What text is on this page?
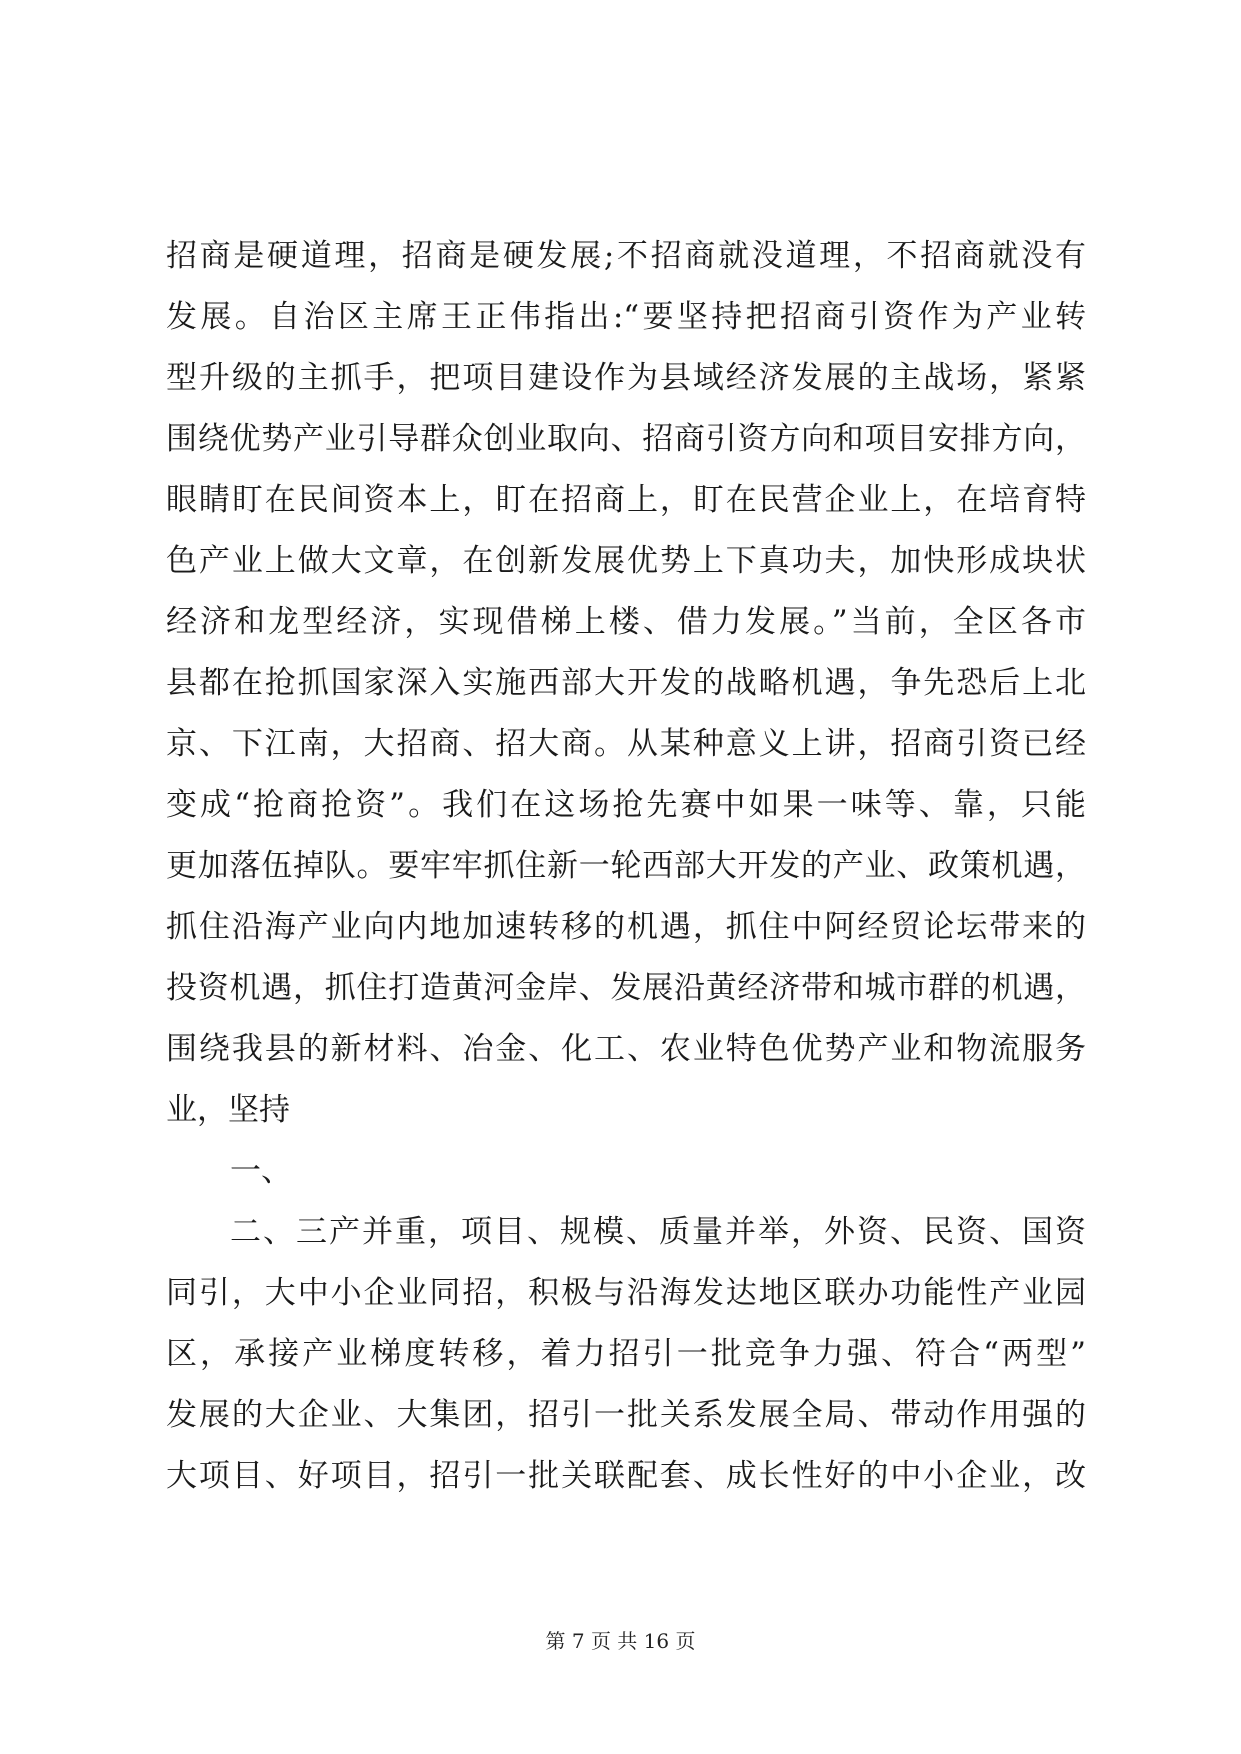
招商是硬道理，招商是硬发展;不招商就没道理，不招商就没有
发展。自治区主席王正伟指出:“要坚持把招商引资作为产业转
型升级的主抓手，把项目建设作为县域经济发展的主战场，紧紧
围绕优势产业引导群众创业取向、招商引资方向和项目安排方向，
眼睛盯在民间资本上，盯在招商上，盯在民营企业上，在培育特
色产业上做大文章，在创新发展优势上下真功夫，加快形成块状
经济和龙型经济，实现借梯上楼、借力发展。”当前，全区各市
县都在抢抓国家深入实施西部大开发的战略机遇，争先恐后上北
京、下江南，大招商、招大商。从某种意义上讲，招商引资已经
变成“抢商抢资”。我们在这场抢先赛中如果一味等、靠，只能
更加落伍掉队。要牢牢抓住新一轮西部大开发的产业、政策机遇，
抓住沿海产业向内地加速转移的机遇，抓住中阿经贸论坛带来的
投资机遇，抓住打造黄河金岸、发展沿黄经济带和城市群的机遇，
围绕我县的新材料、冶金、化工、农业特色优势产业和物流服务
业，坚持
一、
二、三产并重，项目、规模、质量并举，外资、民资、国资
同引，大中小企业同招，积极与沿海发达地区联办功能性产业园
区，承接产业梯度转移，着力招引一批竞争力强、符合“两型”
发展的大企业、大集团，招引一批关系发展全局、带动作用强的
大项目、好项目，招引一批关联配套、成长性好的中小企业，改
第 7 页 共 16 页
